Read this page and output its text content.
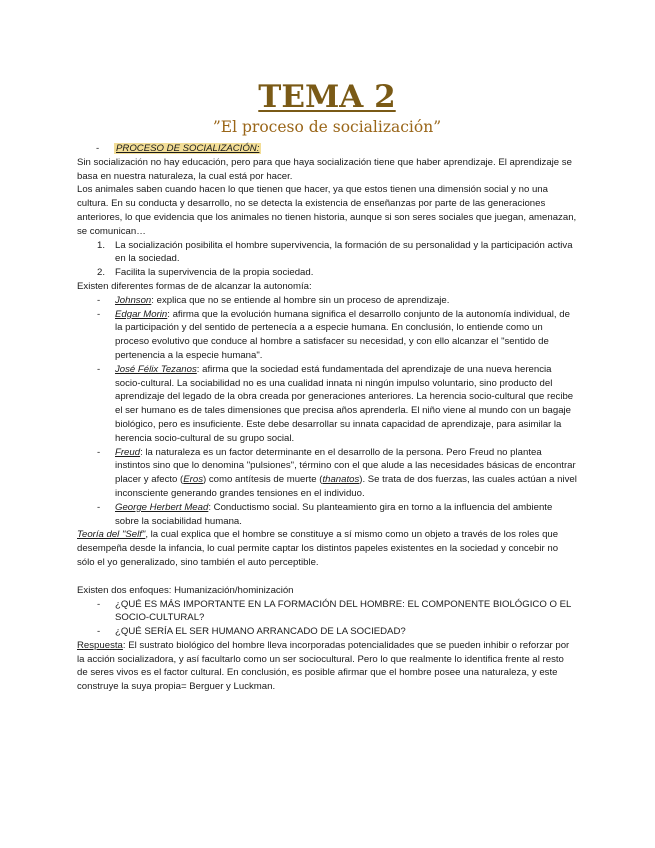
TEMA 2
”El proceso de socialización”
- PROCESO DE SOCIALIZACIÓN:

Sin socialización no hay educación, pero para que haya socialización tiene que haber aprendizaje. El aprendizaje se basa en nuestra naturaleza, la cual está por hacer.

Los animales saben cuando hacen lo que tienen que hacer, ya que estos tienen una dimensión social y no una cultura. En su conducta y desarrollo, no se detecta la existencia de enseñanzas por parte de las generaciones anteriores, lo que evidencia que los animales no tienen historia, aunque si son seres sociales que juegan, amenazan, se comunican…

1. La socialización posibilita el hombre supervivencia, la formación de su personalidad y la participación activa en la sociedad.
2. Facilita la supervivencia de la propia sociedad.

Existen diferentes formas de de alcanzar la autonomía:

- Johnson: explica que no se entiende al hombre sin un proceso de aprendizaje.
- Edgar Morin: afirma que la evolución humana significa el desarrollo conjunto de la autonomía individual, de la participación y del sentido de pertenecía a a especie humana. En conclusión, lo entiende como un proceso evolutivo que conduce al hombre a satisfacer su necesidad, y con ello alcanzar el "sentido de pertenencia a la especie humana".
- José Félix Tezanos: afirma que la sociedad está fundamentada del aprendizaje de una nueva herencia socio-cultural. La sociabilidad no es una cualidad innata ni ningún impulso voluntario, sino producto del aprendizaje del legado de la obra creada por generaciones anteriores. La herencia socio-cultural que recibe el ser humano es de tales dimensiones que precisa años aprenderla. El niño viene al mundo con un bagaje biológico, pero es insuficiente. Este debe desarrollar su innata capacidad de aprendizaje, para asimilar la herencia socio-cultural de su grupo social.
- Freud: la naturaleza es un factor determinante en el desarrollo de la persona. Pero Freud no plantea instintos sino que lo denomina "pulsiones", término con el que alude a las necesidades básicas de encontrar placer y afecto (Eros) como antítesis de muerte (thanatos). Se trata de dos fuerzas, las cuales actúan a nivel inconsciente generando grandes tensiones en el individuo.
- George Herbert Mead: Conductismo social. Su planteamiento gira en torno a la influencia del ambiente sobre la sociabilidad humana.

Teoría del "Self", la cual explica que el hombre se constituye a sí mismo como un objeto a través de los roles que desempeña desde la infancia, lo cual permite captar los distintos papeles existentes en la sociedad y concebir no sólo el yo generalizado, sino también el auto perceptible.

Existen dos enfoques: Humanización/hominización

- ¿QUÉ ES MÁS IMPORTANTE EN LA FORMACIÓN DEL HOMBRE: EL COMPONENTE BIOLÓGICO O EL SOCIO-CULTURAL?
- ¿QUÉ SERÍA EL SER HUMANO ARRANCADO DE LA SOCIEDAD?

Respuesta: El sustrato biológico del hombre lleva incorporadas potencialidades que se pueden inhibir o reforzar por la acción socializadora, y así facultarlo como un ser sociocultural. Pero lo que realmente lo identifica frente al resto de seres vivos es el factor cultural. En conclusión, es posible afirmar que el hombre posee una naturaleza, y este construye la suya propia= Berguer y Luckman.
